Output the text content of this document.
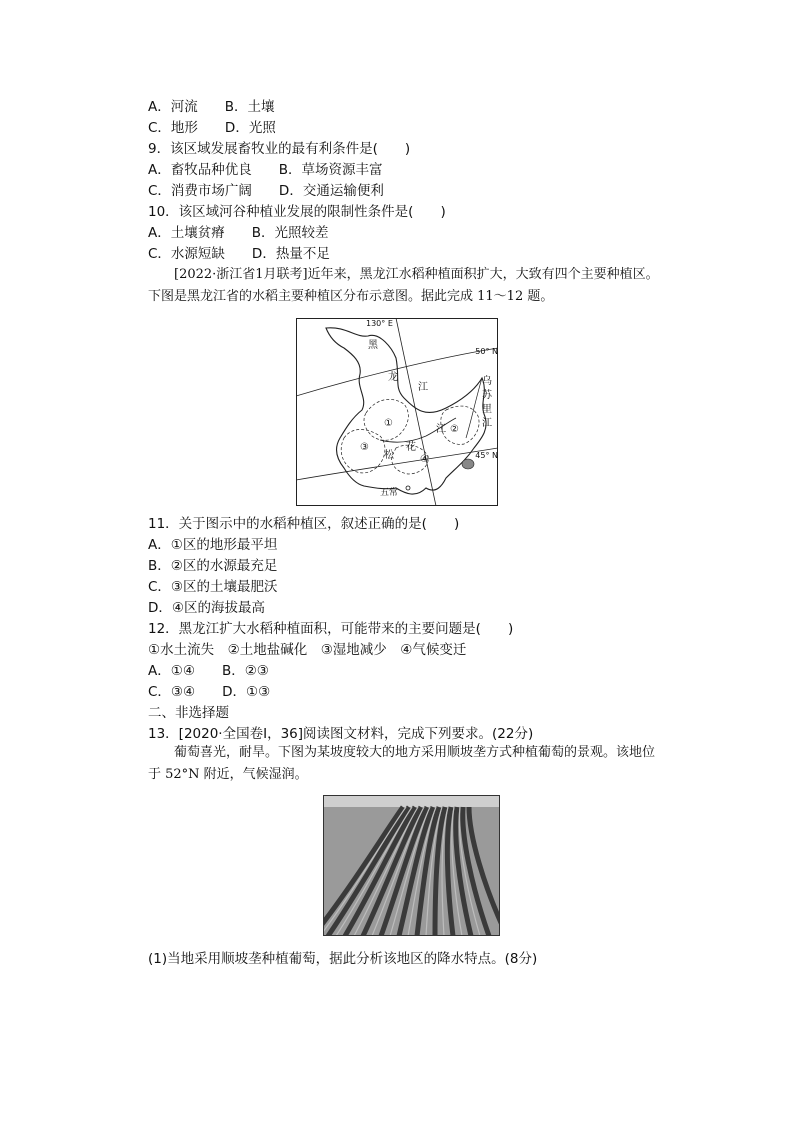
A．河流　　B．土壤
C．地形　　D．光照
9．该区域发展畜牧业的最有利条件是(　　)
A．畜牧品种优良　　B．草场资源丰富
C．消费市场广阔　　D．交通运输便利
10．该区域河谷种植业发展的限制性条件是(　　)
A．土壤贫瘠　　B．光照较差
C．水源短缺　　D．热量不足
[2022·浙江省1月联考]近年来，黑龙江水稻种植面积扩大，大致有四个主要种植区。下图是黑龙江省的水稻主要种植区分布示意图。据此完成 11～12 题。
130° E
50° N
45° N
黑
龙
江
乌
苏
里
江
江
松
花
①
②
③
④
五常
11．关于图示中的水稻种植区，叙述正确的是(　　)
A．①区的地形最平坦
B．②区的水源最充足
C．③区的土壤最肥沃
D．④区的海拔最高
12．黑龙江扩大水稻种植面积，可能带来的主要问题是(　　)
①水土流失　②土地盐碱化　③湿地减少　④气候变迁
A．①④　　B．②③
C．③④　　D．①③
二、非选择题
13．[2020·全国卷Ⅰ，36]阅读图文材料，完成下列要求。(22分)
葡萄喜光，耐旱。下图为某坡度较大的地方采用顺坡垄方式种植葡萄的景观。该地位于 52°N 附近，气候湿润。
(1)当地采用顺坡垄种植葡萄，据此分析该地区的降水特点。(8分)
